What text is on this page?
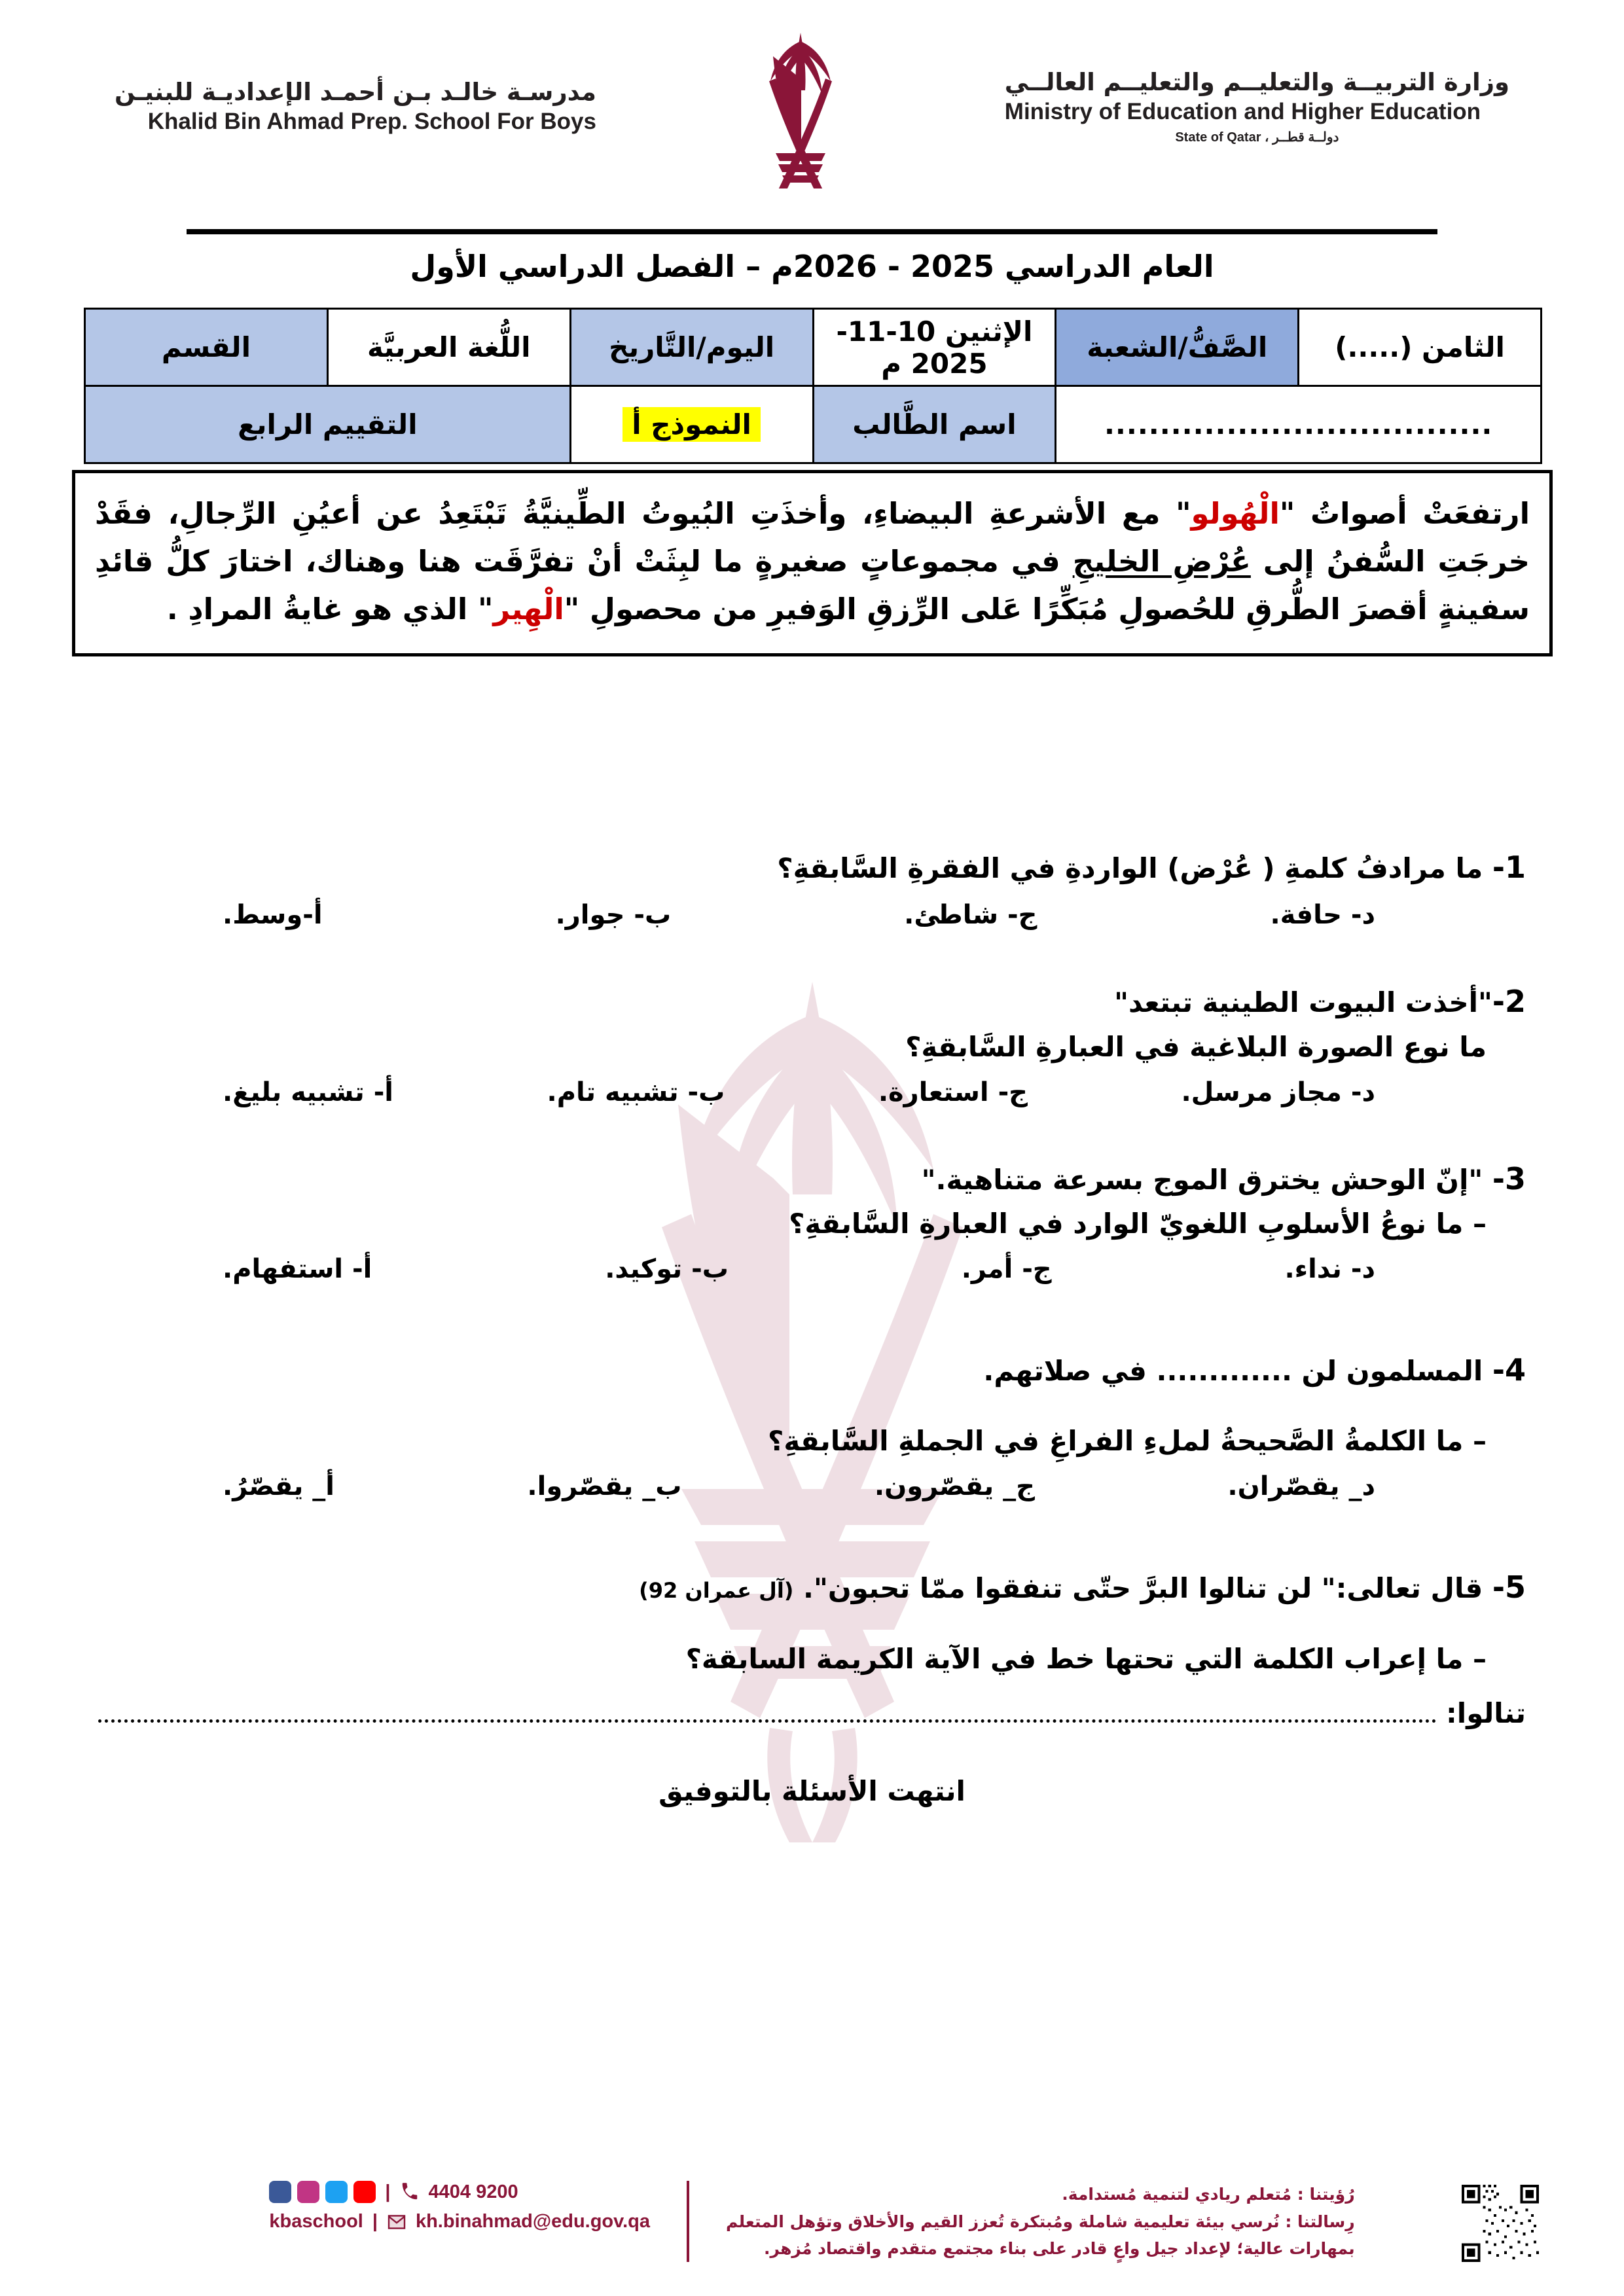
وزارة التربيــة والتعليــم والتعليــم العالــي
Ministry of Education and Higher Education
State of Qatar ، دولــة قطــر
مدرسـة خالـد بـن أحمـد الإعداديـة للبنيـن
Khalid Bin Ahmad Prep. School For Boys
العام الدراسي 2025 - 2026م – الفصل الدراسي الأول
الثامن (.....)	الصَّفُّ/الشعبة	الإثنين 10-11-2025 م	اليوم/التَّاريخ	اللُّغة العربيَّة	القسم
...................................		اسم الطَّالب	النموذج أ	التقييم الرابع	
ارتفعَتْ أصواتُ "الْهُولو" مع الأشرعةِ البيضاءِ، وأخذَتِ البُيوتُ الطِّينيَّةُ تَبْتَعِدُ عن أعيُنِ الرِّجالِ، فقَدْ خرجَتِ السُّفنُ إلى عُرْضِ الخليجِ في مجموعاتٍ صغيرةٍ ما لبِثَتْ أنْ تفرَّقَت هنا وهناك، اختارَ كلُّ قائدِ سفينةٍ أقصرَ الطُّرقِ للحُصولِ مُبَكِّرًا عَلى الرِّزقِ الوَفيرِ من محصولِ "الْهِير" الذي هو غايةُ المرادِ .
1- ما مرادفُ كلمةِ ( عُرْض) الواردةِ في الفقرةِ السَّابقةِ؟
د- حافة.
ج- شاطئ.
ب- جوار.
أ-وسط.
2-"أخذت البيوت الطينية تبتعد"
ما نوع الصورة البلاغية في العبارةِ السَّابقةِ؟
د- مجاز مرسل.
ج- استعارة.
ب- تشبيه تام.
أ- تشبيه بليغ.
3- "إنّ الوحش يخترق الموج بسرعة متناهية."
– ما نوعُ الأسلوبِ اللغويّ الوارد في العبارةِ السَّابقةِ؟
د- نداء.
ج- أمر.
ب- توكيد.
أ- استفهام.
4- المسلمون لن ............. في صلاتهم.
– ما الكلمةُ الصَّحيحةُ لملءِ الفراغِ في الجملةِ السَّابقةِ؟
د_ يقصّران.
ج_ يقصّرون.
ب_ يقصّروا.
أ_ يقصّرُ.
5- قال تعالى:" لن تنالوا البرَّ حتّى تنفقوا ممّا تحبون". (آل عمران 92)
– ما إعراب الكلمة التي تحتها خط في الآية الكريمة السابقة؟
تنالوا:
انتهت الأسئلة بالتوفيق
رُؤيتنا : مُتعلم ريادي لتنمية مُستدامة.
رِسالتنا : نُرسي بيئة تعليمية شاملة ومُبتكرة تُعزز القيم والأخلاق وتؤهل المتعلم
بمهارات عالية؛ لإعداد جيل واعٍ قادر على بناء مجتمع متقدم واقتصاد مُزهر.
| 4404 9200
kbaschool | kh.binahmad@edu.gov.qa
